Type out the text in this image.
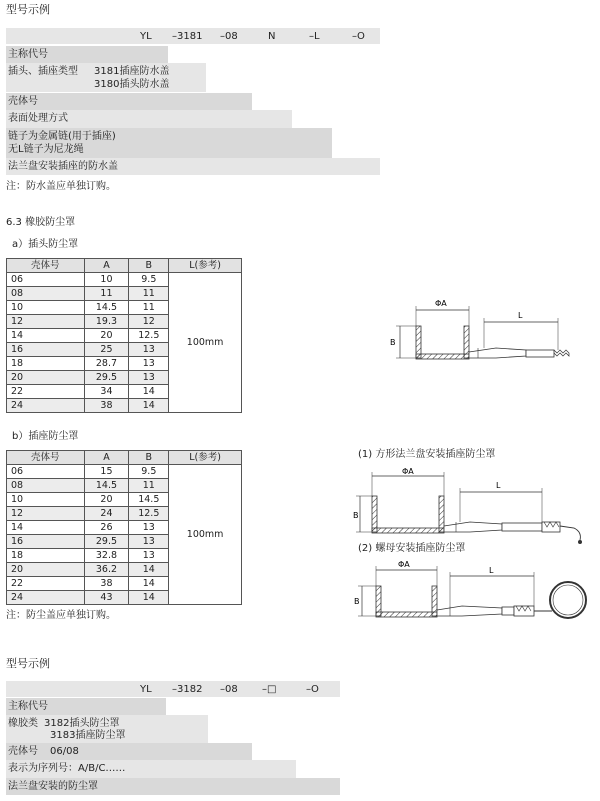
型号示例
YL –3181 –08	N	–L	–O
主称代号
插头、插座类型 3181插座防水盖
3180插头防水盖
壳体号
表面处理方式
链子为金属链(用于插座)
无L链子为尼龙绳
法兰盘安装插座的防水盖
注：防水盖应单独订购。
6.3 橡胶防尘罩
a）插头防尘罩
壳体号	A	B	L(参考)
06	10	9.5	100mm
08	11	11	
10	14.5	11	
12	19.3	12	
14	20	12.5	
16	25	13	
18	28.7	13	
20	29.5	13	
22	34	14	
24	38	14	
ΦA
B
L
b）插座防尘罩
壳体号	A	B	L(参考)
06	15	9.5	100mm
08	14.5	11	
10	20	14.5	
12	24	12.5	
14	26	13	
16	29.5	13	
18	32.8	13	
20	36.2	14	
22	38	14	
24	43	14	
注：防尘盖应单独订购。
(1) 方形法兰盘安装插座防尘罩
ΦA
B
L
(2) 螺母安装插座防尘罩
ΦA
B
L
型号示例
YL –3182 –08 –□	–O
主称代号
橡胶类 3182插头防尘罩
3183插座防尘罩
壳体号 06/08
表示为序列号：A/B/C……
法兰盘安装的防尘罩
